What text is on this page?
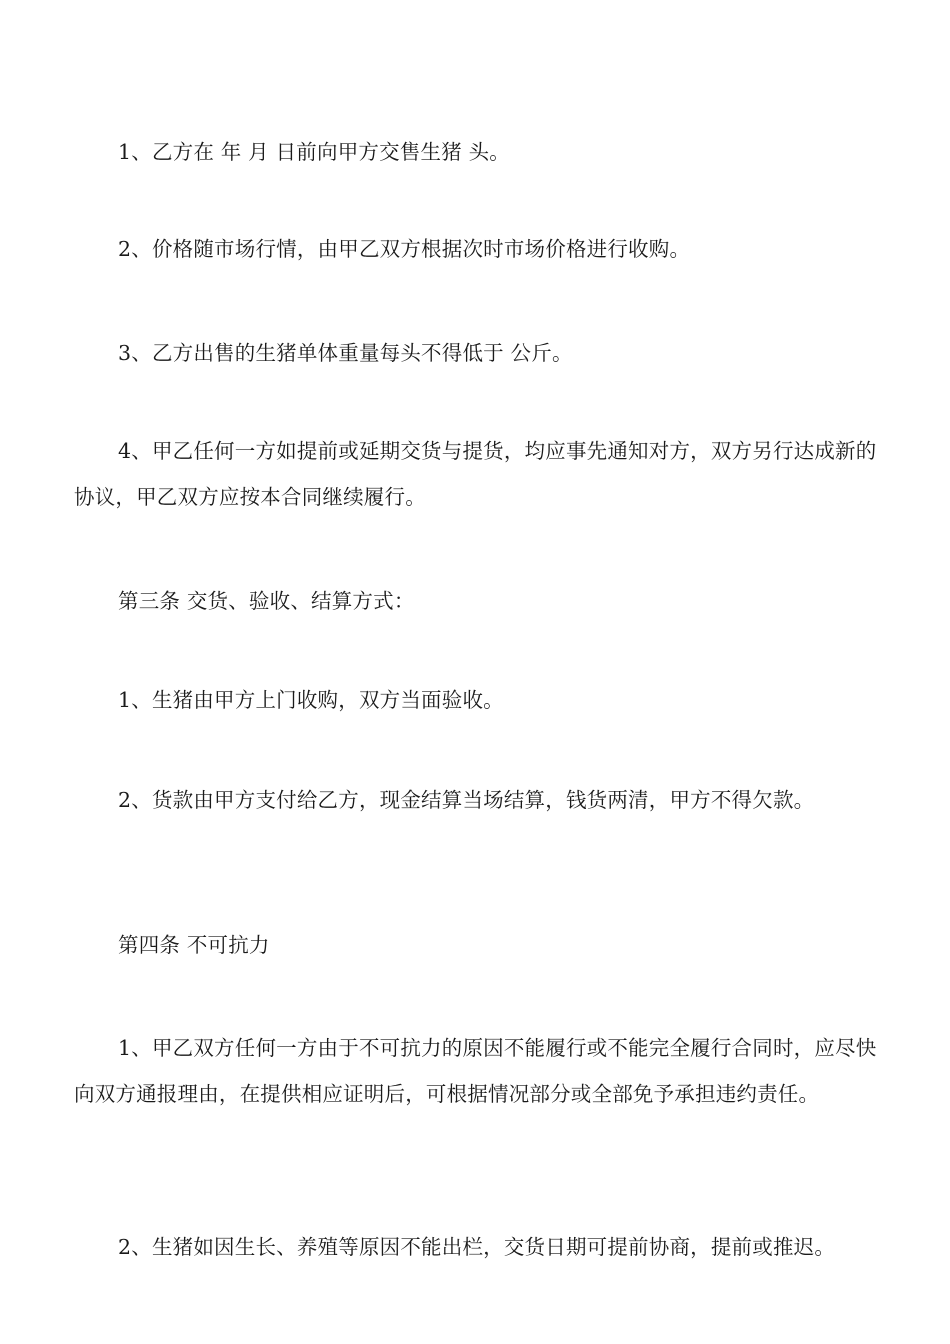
1、乙方在 年 月 日前向甲方交售生猪 头。

2、价格随市场行情，由甲乙双方根据次时市场价格进行收购。

3、乙方出售的生猪单体重量每头不得低于 公斤。

4、甲乙任何一方如提前或延期交货与提货，均应事先通知对方，双方另行达成新的协议，甲乙双方应按本合同继续履行。

第三条 交货、验收、结算方式：

1、生猪由甲方上门收购，双方当面验收。

2、货款由甲方支付给乙方，现金结算当场结算，钱货两清，甲方不得欠款。

第四条 不可抗力

1、甲乙双方任何一方由于不可抗力的原因不能履行或不能完全履行合同时，应尽快向双方通报理由，在提供相应证明后，可根据情况部分或全部免予承担违约责任。

2、生猪如因生长、养殖等原因不能出栏，交货日期可提前协商，提前或推迟。
